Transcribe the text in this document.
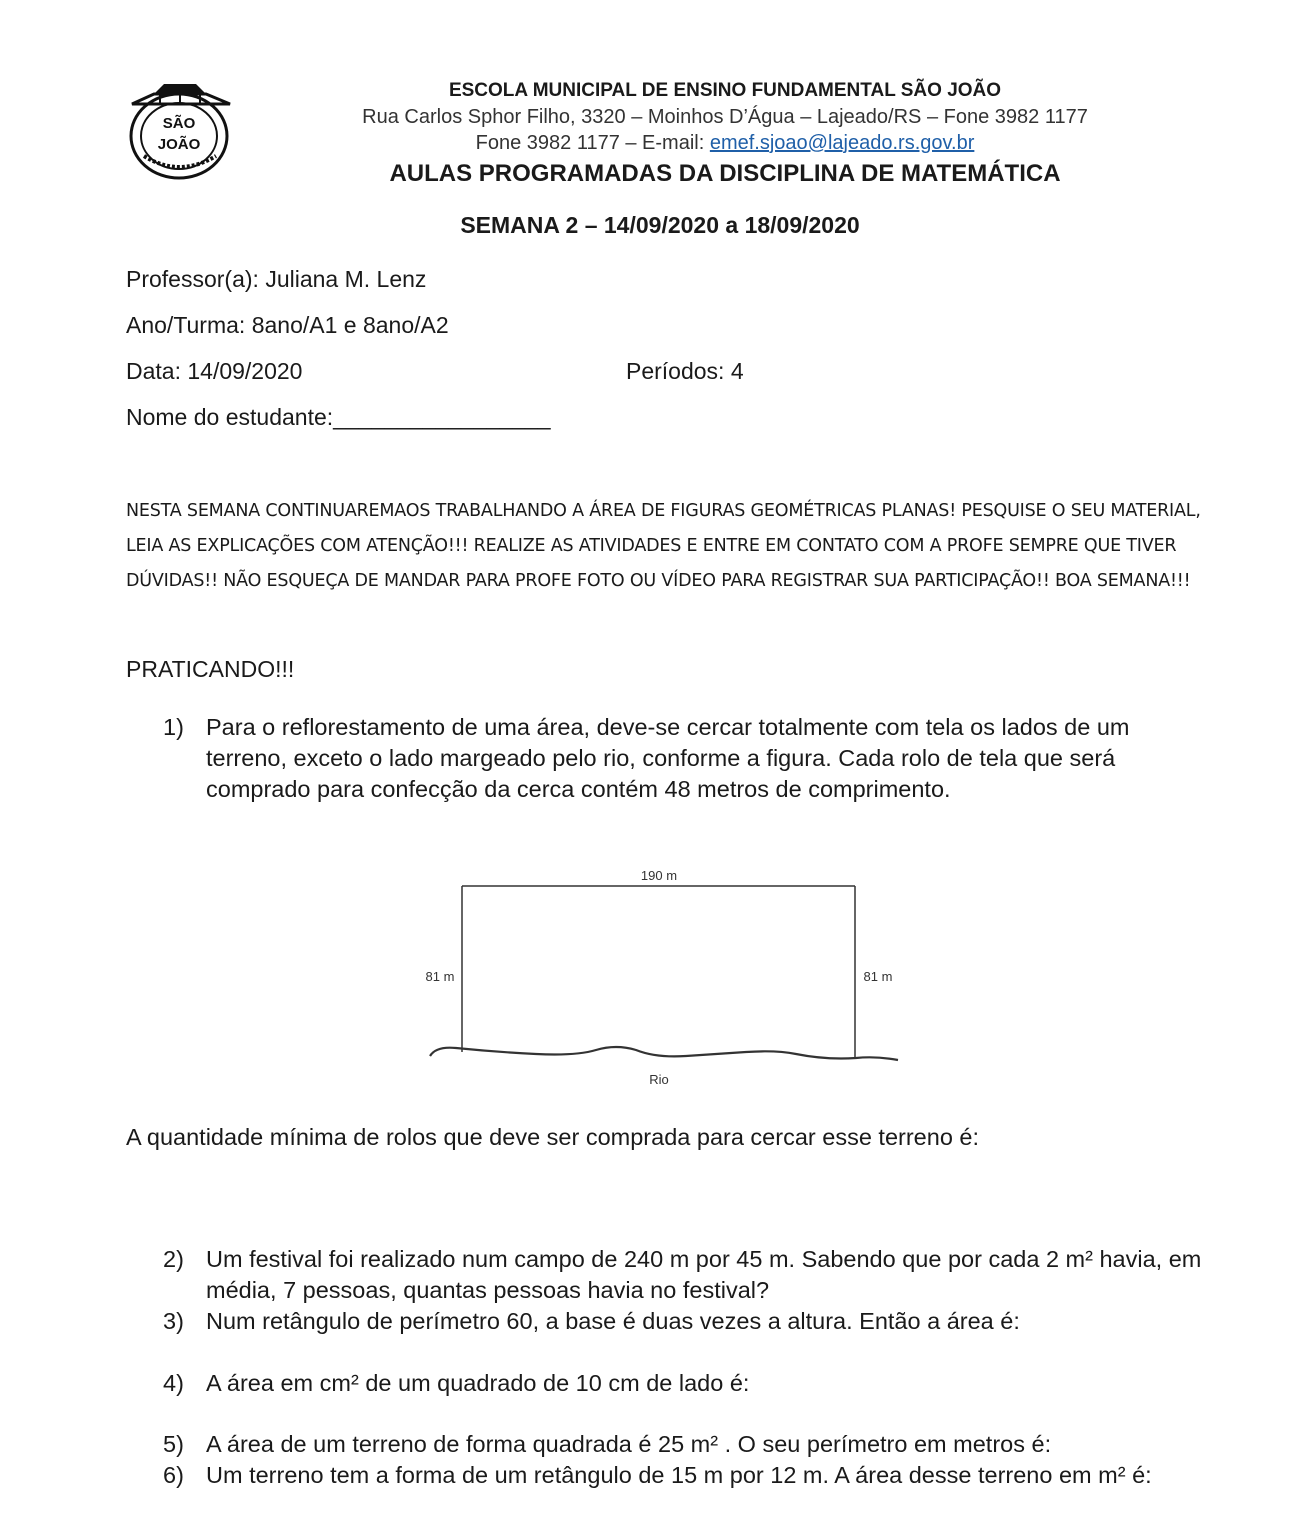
SÃO
JOÃO
ESCOLA MUNICIPAL DE ENSINO FUNDAMENTAL SÃO JOÃO
Rua Carlos Sphor Filho, 3320 – Moinhos D’Água – Lajeado/RS – Fone 3982 1177
Fone 3982 1177 – E-mail: emef.sjoao@lajeado.rs.gov.br
AULAS PROGRAMADAS DA DISCIPLINA DE MATEMÁTICA
SEMANA 2 – 14/09/2020 a 18/09/2020
Professor(a): Juliana M. Lenz
Ano/Turma: 8ano/A1 e 8ano/A2
Data: 14/09/2020	Períodos: 4
Nome do estudante:_________________
NESTA SEMANA CONTINUAREMAOS TRABALHANDO A ÁREA DE FIGURAS GEOMÉTRICAS PLANAS! PESQUISE O SEU MATERIAL, LEIA AS EXPLICAÇÕES COM ATENÇÃO!!! REALIZE AS ATIVIDADES E ENTRE EM CONTATO COM A PROFE SEMPRE QUE TIVER DÚVIDAS!! NÃO ESQUEÇA DE MANDAR PARA PROFE FOTO OU VÍDEO PARA REGISTRAR SUA PARTICIPAÇÃO!! BOA SEMANA!!!
PRATICANDO!!!
1) Para o reflorestamento de uma área, deve-se cercar totalmente com tela os lados de um terreno, exceto o lado margeado pelo rio, conforme a figura. Cada rolo de tela que será comprado para confecção da cerca contém 48 metros de comprimento.
190 m
81 m	81 m
Rio
A quantidade mínima de rolos que deve ser comprada para cercar esse terreno é:
2) Um festival foi realizado num campo de 240 m por 45 m. Sabendo que por cada 2 m² havia, em média, 7 pessoas, quantas pessoas havia no festival?
3) Num retângulo de perímetro 60, a base é duas vezes a altura. Então a área é:
4) A área em cm² de um quadrado de 10 cm de lado é:
5) A área de um terreno de forma quadrada é 25 m² . O seu perímetro em metros é:
6) Um terreno tem a forma de um retângulo de 15 m por 12 m. A área desse terreno em m² é:
